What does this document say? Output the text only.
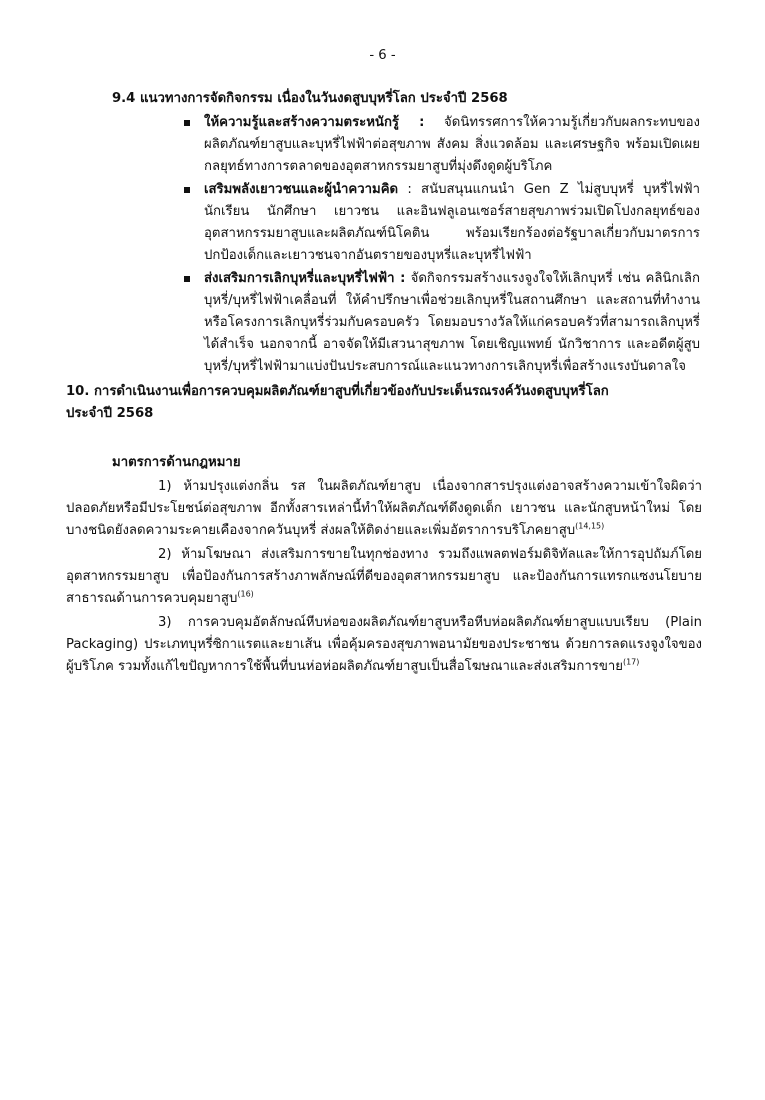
- 6 -
9.4 แนวทางการจัดกิจกรรม เนื่องในวันงดสูบบุหรี่โลก ประจำปี 2568
ให้ความรู้และสร้างความตระหนักรู้ : จัดนิทรรศการให้ความรู้เกี่ยวกับผลกระทบของผลิตภัณฑ์ยาสูบและบุหรี่ไฟฟ้าต่อสุขภาพ สังคม สิ่งแวดล้อม และเศรษฐกิจ พร้อมเปิดเผยกลยุทธ์ทางการตลาดของอุตสาหกรรมยาสูบที่มุ่งดึงดูดผู้บริโภค
เสริมพลังเยาวชนและผู้นำความคิด : สนับสนุนแกนนำ Gen Z ไม่สูบบุหรี่ บุหรี่ไฟฟ้า นักเรียน นักศึกษา เยาวชน และอินฟลูเอนเซอร์สายสุขภาพร่วมเปิดโปงกลยุทธ์ของอุตสาหกรรมยาสูบและผลิตภัณฑ์นิโคติน พร้อมเรียกร้องต่อรัฐบาลเกี่ยวกับมาตรการปกป้องเด็กและเยาวชนจากอันตรายของบุหรี่และบุหรี่ไฟฟ้า
ส่งเสริมการเลิกบุหรี่และบุหรี่ไฟฟ้า : จัดกิจกรรมสร้างแรงจูงใจให้เลิกบุหรี่ เช่น คลินิกเลิกบุหรี่/บุหรี่ไฟฟ้าเคลื่อนที่ ให้คำปรึกษาเพื่อช่วยเลิกบุหรี่ในสถานศึกษา และสถานที่ทำงาน หรือโครงการเลิกบุหรี่ร่วมกับครอบครัว โดยมอบรางวัลให้แก่ครอบครัวที่สามารถเลิกบุหรี่ได้สำเร็จ นอกจากนี้ อาจจัดให้มีเสวนาสุขภาพ โดยเชิญแพทย์ นักวิชาการ และอดีตผู้สูบบุหรี่/บุหรี่ไฟฟ้ามาแบ่งปันประสบการณ์และแนวทางการเลิกบุหรี่เพื่อสร้างแรงบันดาลใจ
10. การดำเนินงานเพื่อการควบคุมผลิตภัณฑ์ยาสูบที่เกี่ยวข้องกับประเด็นรณรงค์วันงดสูบบุหรี่โลก
ประจำปี 2568
มาตรการด้านกฎหมาย

1) ห้ามปรุงแต่งกลิ่น รส ในผลิตภัณฑ์ยาสูบ เนื่องจากสารปรุงแต่งอาจสร้างความเข้าใจผิดว่าปลอดภัยหรือมีประโยชน์ต่อสุขภาพ อีกทั้งสารเหล่านี้ทำให้ผลิตภัณฑ์ดึงดูดเด็ก เยาวชน และนักสูบหน้าใหม่ โดยบางชนิดยังลดความระคายเคืองจากควันบุหรี่ ส่งผลให้ติดง่ายและเพิ่มอัตราการบริโภคยาสูบ$^{(14,15)}$

2) ห้ามโฆษณา ส่งเสริมการขายในทุกช่องทาง รวมถึงแพลตฟอร์มดิจิทัลและให้การอุปถัมภ์โดยอุตสาหกรรมยาสูบ เพื่อป้องกันการสร้างภาพลักษณ์ที่ดีของอุตสาหกรรมยาสูบ และป้องกันการแทรกแซงนโยบายสาธารณด้านการควบคุมยาสูบ$^{(16)}$

3) การควบคุมอัตลักษณ์หีบห่อของผลิตภัณฑ์ยาสูบหรือหีบห่อผลิตภัณฑ์ยาสูบแบบเรียบ (Plain Packaging) ประเภทบุหรี่ซิกาแรตและยาเส้น เพื่อคุ้มครองสุขภาพอนามัยของประชาชน ด้วยการลดแรงจูงใจของผู้บริโภค รวมทั้งแก้ไขปัญหาการใช้พื้นที่บนห่อห่อผลิตภัณฑ์ยาสูบเป็นสื่อโฆษณาและส่งเสริมการขาย$^{(17)}$
